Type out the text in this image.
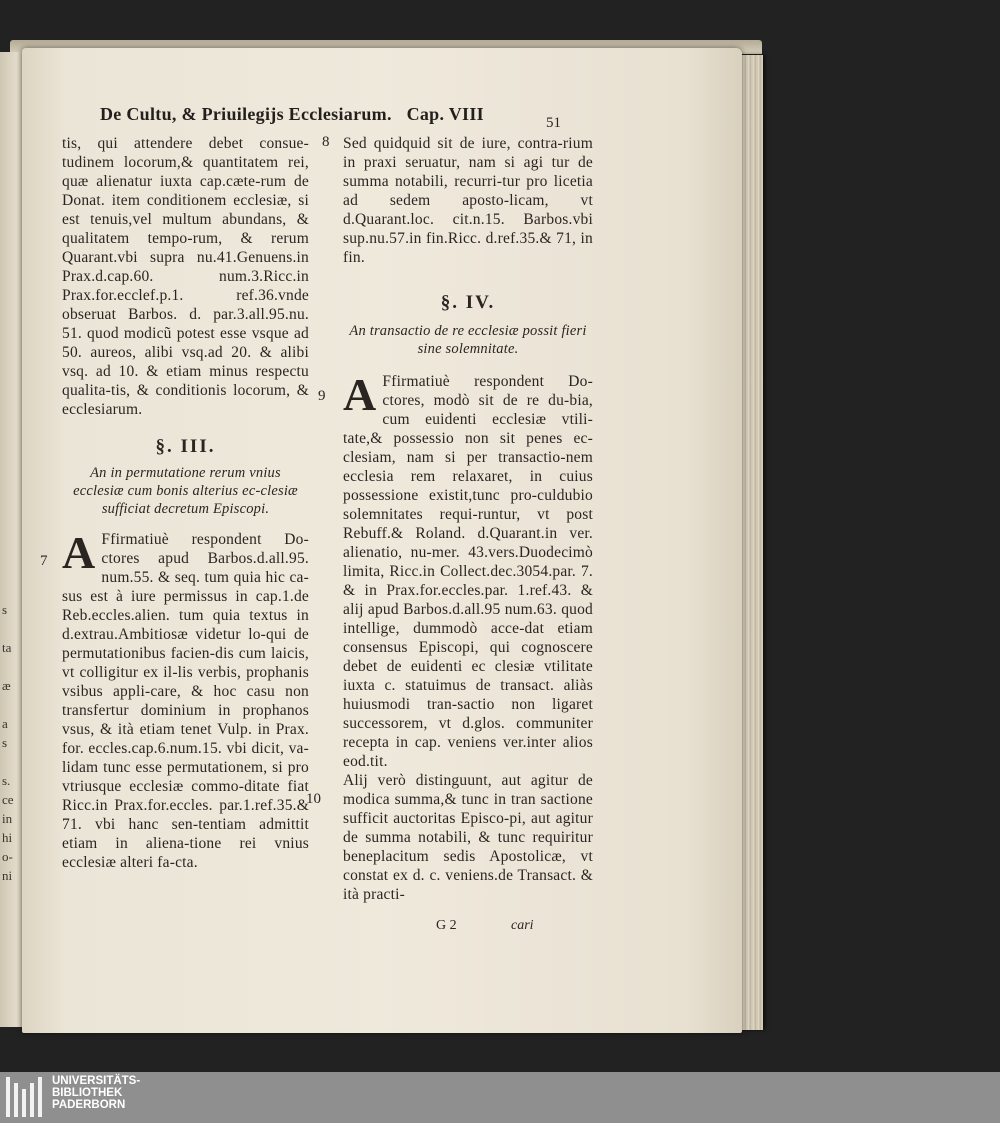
s
ta
æ
a
s
s.
ce
in
hi
o-
ni
De Cultu, & Priuilegijs Ecclesiarum. Cap. VIII	51

tis, qui attendere debet consue-tudinem locorum,& quantitatem rei, quæ alienatur iuxta cap.cæte-rum de Donat. item conditionem ecclesiæ, si est tenuis,vel multum abundans, & qualitatem tempo-rum, & rerum Quarant.vbi supra nu.41.Genuens.in Prax.d.cap.60. num.3.Ricc.in Prax.for.ecclef.p.1. ref.36.vnde obseruat Barbos. d. par.3.all.95.nu. 51. quod modicũ potest esse vsque ad 50. aureos, alibi vsq.ad 20. & alibi vsq. ad 10. & etiam minus respectu qualita-tis, & conditionis locorum, & ecclesiarum.

§. III.
An in permutatione rerum vnius ecclesiæ cum bonis alterius ec-clesiæ sufficiat decretum Episcopi.

A Ffirmatiuè respondent Do-ctores apud Barbos.d.all.95. num.55. & seq. tum quia hic ca-sus est à iure permissus in cap.1.de Reb.eccles.alien. tum quia textus in d.extrau.Ambitiosæ videtur lo-qui de permutationibus facien-dis cum laicis, vt colligitur ex il-lis verbis, prophanis vsibus appli-care, & hoc casu non transfertur dominium in prophanos vsus, & ità etiam tenet Vulp. in Prax. for. eccles.cap.6.num.15. vbi dicit, va-lidam tunc esse permutationem, si pro vtriusque ecclesiæ commo-ditate fiat Ricc.in Prax.for.eccles. par.1.ref.35.& 71. vbi hanc sen-tentiam admittit etiam in aliena-tione rei vnius ecclesiæ alteri fa-cta.

7

Sed quidquid sit de iure, contra-rium in praxi seruatur, nam si agi tur de summa notabili, recurri-tur pro licetia ad sedem aposto-licam, vt d.Quarant.loc. cit.n.15. Barbos.vbi sup.nu.57.in fin.Ricc. d.ref.35.& 71, in fin.

§. IV.
An transactio de re ecclesiæ possit fieri sine solemnitate.

A Ffirmatiuè respondent Do-ctores, modò sit de re du-bia, cum euidenti ecclesiæ vtili-tate,& possessio non sit penes ec-clesiam, nam si per transactio-nem ecclesia rem relaxaret, in cuius possessione existit,tunc pro-culdubio solemnitates requi-runtur, vt post Rebuff.& Roland. d.Quarant.in ver. alienatio, nu-mer. 43.vers.Duodecimò limita, Ricc.in Collect.dec.3054.par. 7. & in Prax.for.eccles.par. 1.ref.43. & alij apud Barbos.d.all.95 num.63. quod intellige, dummodò acce-dat etiam consensus Episcopi, qui cognoscere debet de euidenti ec clesiæ vtilitate iuxta c. statuimus de transact. aliàs huiusmodi tran-sactio non ligaret successorem, vt d.glos. communiter recepta in cap. veniens ver.inter alios eod.tit.

Alij verò distinguunt, aut agitur de modica summa,& tunc in tran sactione sufficit auctoritas Episco-pi, aut agitur de summa notabili, & tunc requiritur beneplacitum sedis Apostolicæ, vt constat ex d. c. veniens.de Transact. & ità practi-

8
9
10
G 2	cari
UNIVERSITÄTS-
BIBLIOTHEK
PADERBORN
